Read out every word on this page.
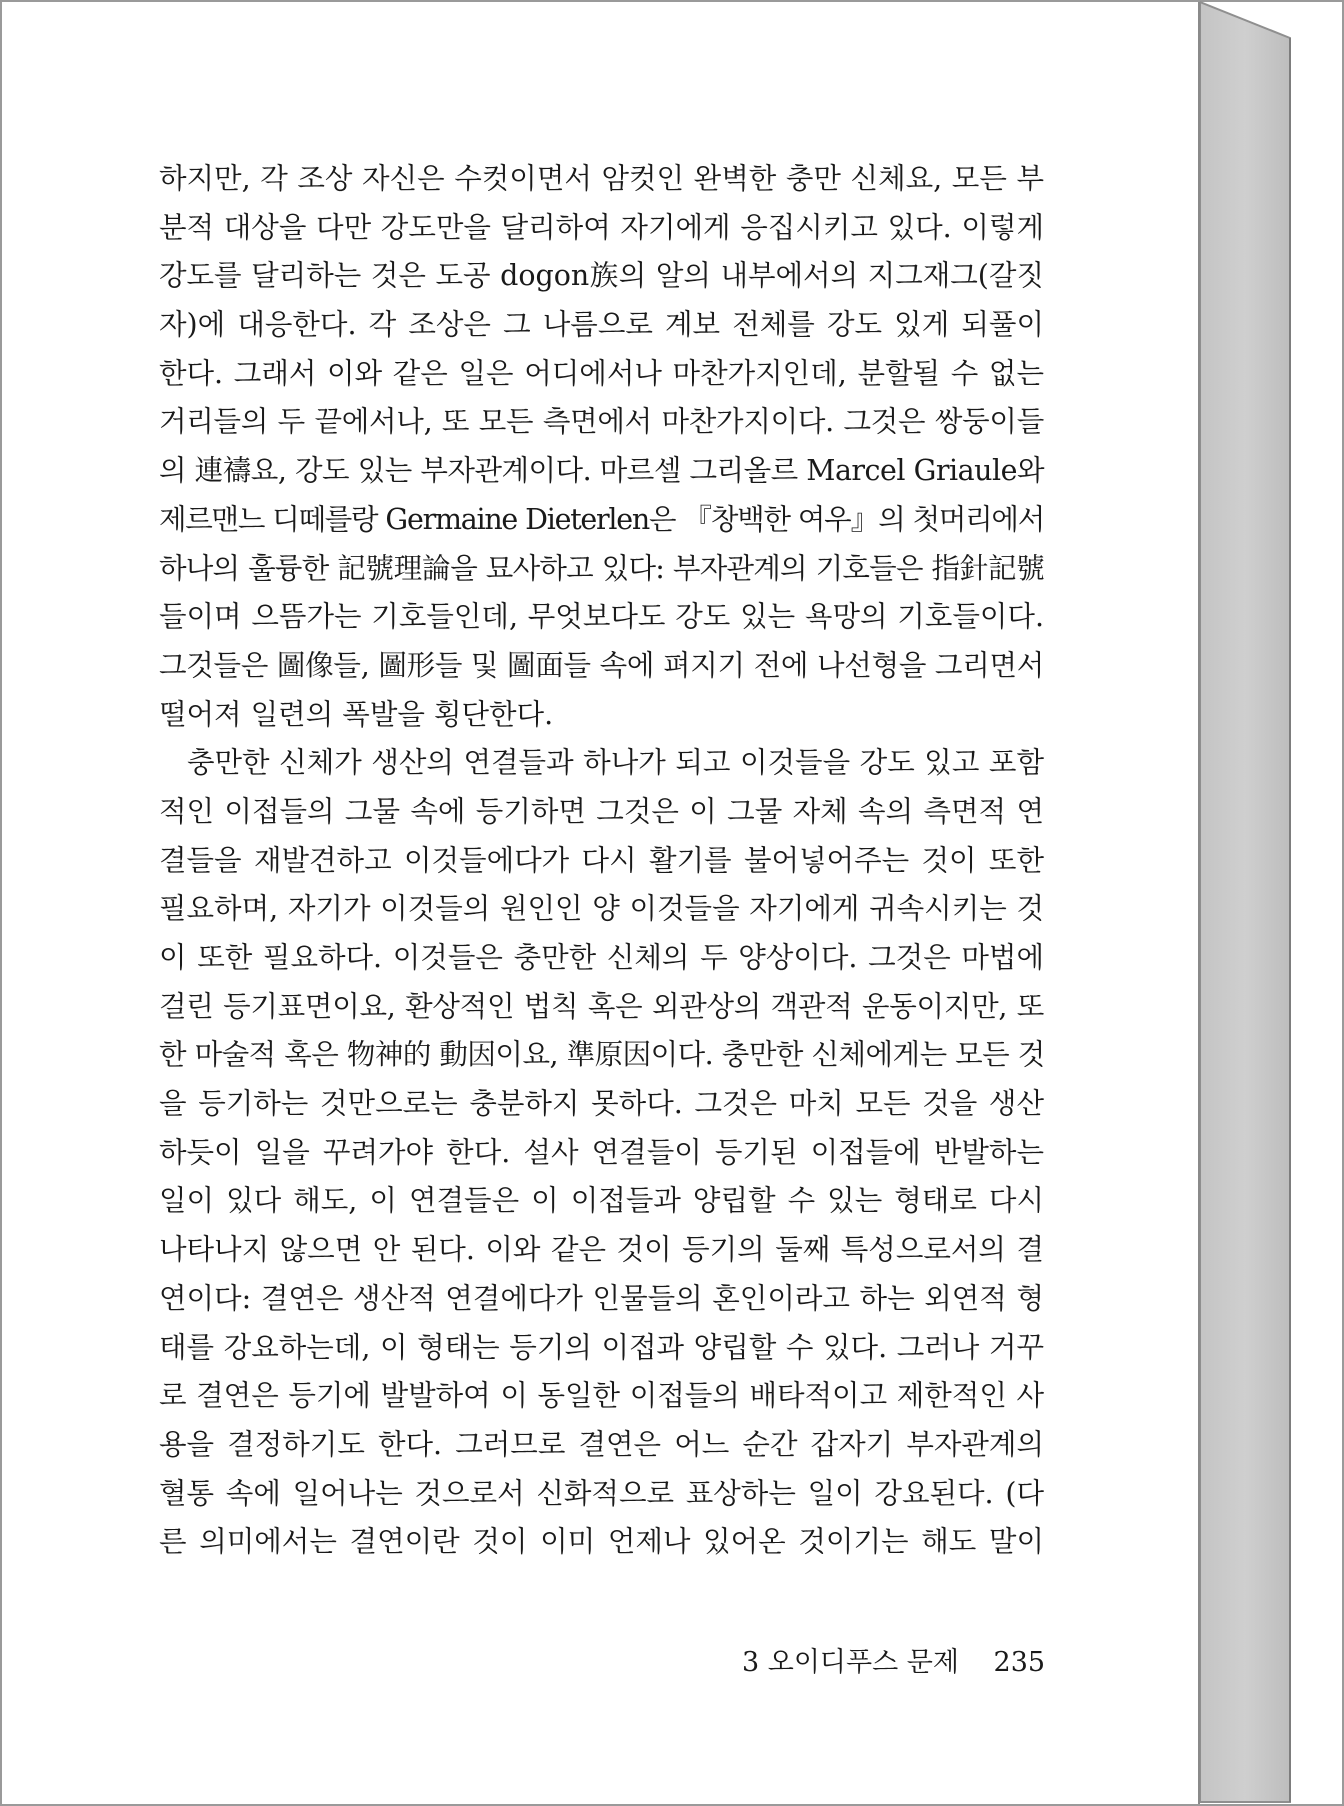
하지만, 각 조상 자신은 수컷이면서 암컷인 완벽한 충만 신체요, 모든 부
분적 대상을 다만 강도만을 달리하여 자기에게 응집시키고 있다. 이렇게
강도를 달리하는 것은 도공 dogon族의 알의 내부에서의 지그재그(갈짓
자)에 대응한다. 각 조상은 그 나름으로 계보 전체를 강도 있게 되풀이
한다. 그래서 이와 같은 일은 어디에서나 마찬가지인데, 분할될 수 없는
거리들의 두 끝에서나, 또 모든 측면에서 마찬가지이다. 그것은 쌍둥이들
의 連禱요, 강도 있는 부자관계이다. 마르셀 그리올르 Marcel Griaule와
제르맨느 디떼를랑 Germaine Dieterlen은 『창백한 여우』의 첫머리에서
하나의 훌륭한 記號理論을 묘사하고 있다: 부자관계의 기호들은 指針記號
들이며 으뜸가는 기호들인데, 무엇보다도 강도 있는 욕망의 기호들이다.
그것들은 圖像들, 圖形들 및 圖面들 속에 펴지기 전에 나선형을 그리면서
떨어져 일련의 폭발을 횡단한다.
충만한 신체가 생산의 연결들과 하나가 되고 이것들을 강도 있고 포함
적인 이접들의 그물 속에 등기하면 그것은 이 그물 자체 속의 측면적 연
결들을 재발견하고 이것들에다가 다시 활기를 불어넣어주는 것이 또한
필요하며, 자기가 이것들의 원인인 양 이것들을 자기에게 귀속시키는 것
이 또한 필요하다. 이것들은 충만한 신체의 두 양상이다. 그것은 마법에
걸린 등기표면이요, 환상적인 법칙 혹은 외관상의 객관적 운동이지만, 또
한 마술적 혹은 物神的 動因이요, 準原因이다. 충만한 신체에게는 모든 것
을 등기하는 것만으로는 충분하지 못하다. 그것은 마치 모든 것을 생산
하듯이 일을 꾸려가야 한다. 설사 연결들이 등기된 이접들에 반발하는
일이 있다 해도, 이 연결들은 이 이접들과 양립할 수 있는 형태로 다시
나타나지 않으면 안 된다. 이와 같은 것이 등기의 둘째 특성으로서의 결
연이다: 결연은 생산적 연결에다가 인물들의 혼인이라고 하는 외연적 형
태를 강요하는데, 이 형태는 등기의 이접과 양립할 수 있다. 그러나 거꾸
로 결연은 등기에 발발하여 이 동일한 이접들의 배타적이고 제한적인 사
용을 결정하기도 한다. 그러므로 결연은 어느 순간 갑자기 부자관계의
혈통 속에 일어나는 것으로서 신화적으로 표상하는 일이 강요된다. (다
른 의미에서는 결연이란 것이 이미 언제나 있어온 것이기는 해도 말이
3 오이디푸스 문제 235
